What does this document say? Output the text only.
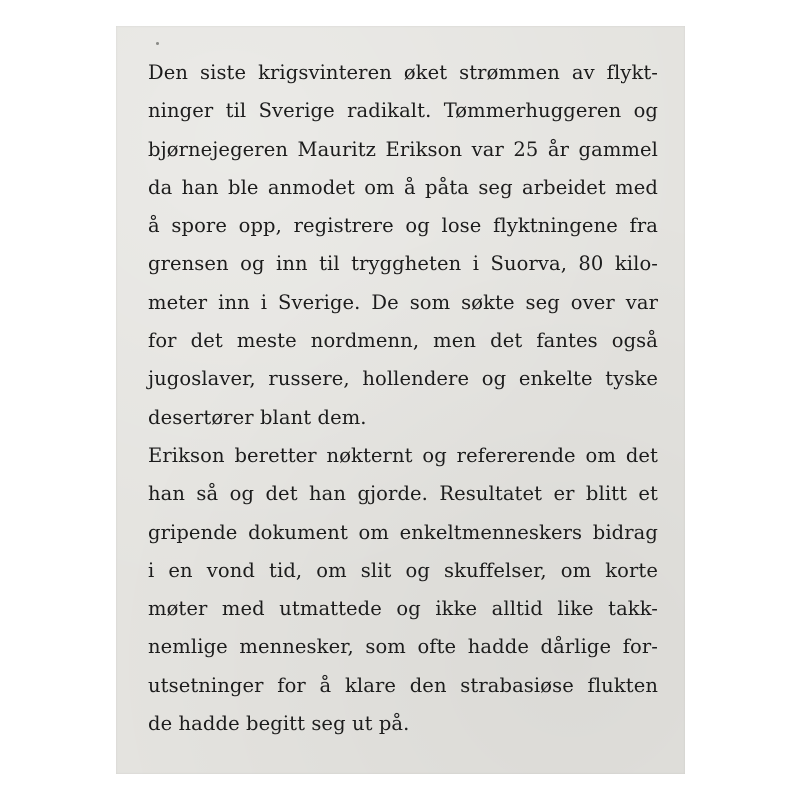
Den siste krigsvinteren øket strømmen av flykt-
ninger til Sverige radikalt. Tømmerhuggeren og
bjørnejegeren Mauritz Erikson var 25 år gammel
da han ble anmodet om å påta seg arbeidet med
å spore opp, registrere og lose flyktningene fra
grensen og inn til tryggheten i Suorva, 80 kilo-
meter inn i Sverige. De som søkte seg over var
for det meste nordmenn, men det fantes også
jugoslaver, russere, hollendere og enkelte tyske
desertører blant dem.
Erikson beretter nøkternt og refererende om det
han så og det han gjorde. Resultatet er blitt et
gripende dokument om enkeltmenneskers bidrag
i en vond tid, om slit og skuffelser, om korte
møter med utmattede og ikke alltid like takk-
nemlige mennesker, som ofte hadde dårlige for-
utsetninger for å klare den strabasiøse flukten
de hadde begitt seg ut på.
